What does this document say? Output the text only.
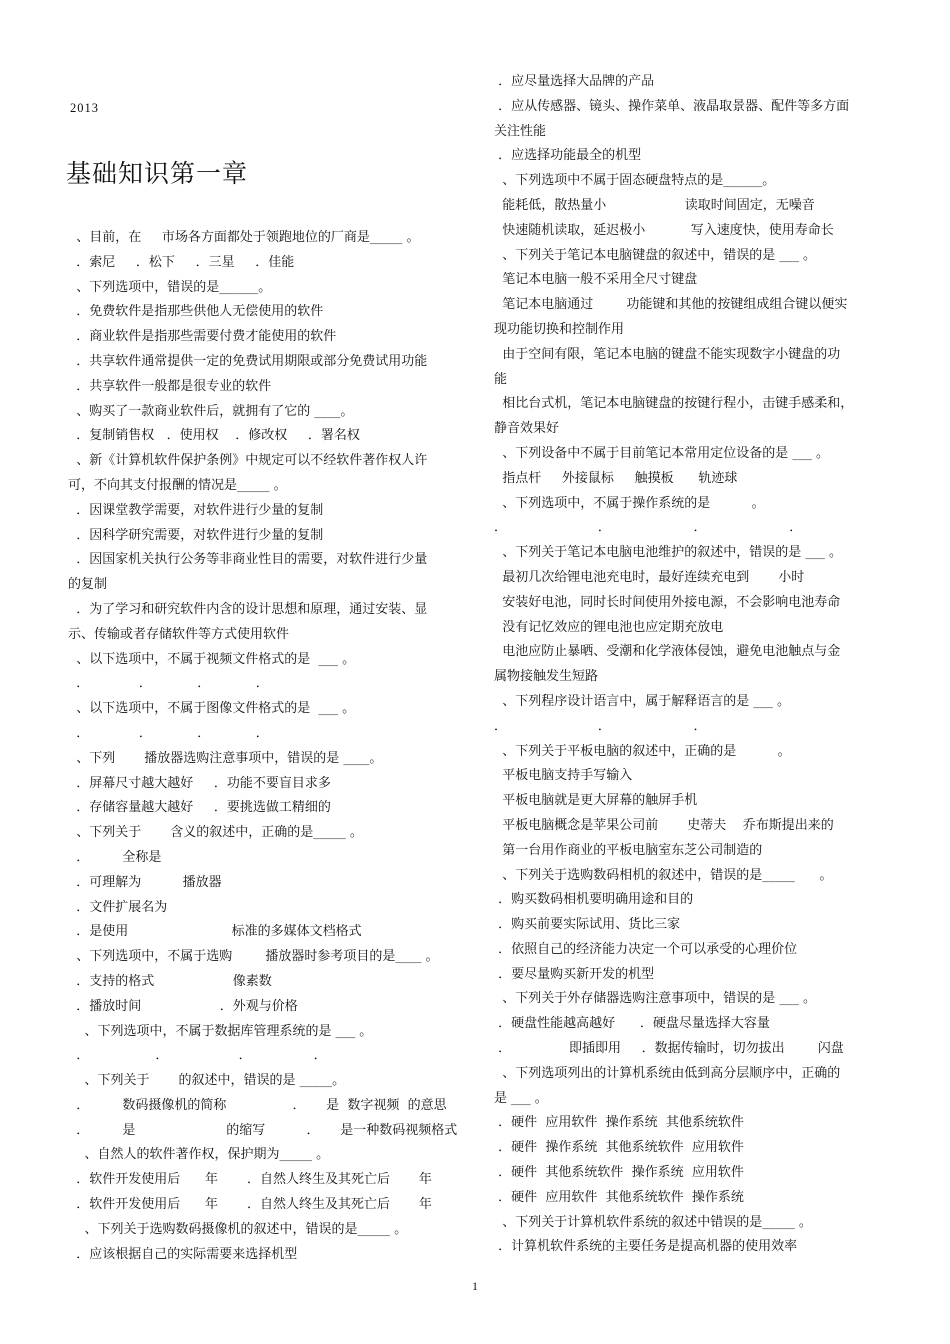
2013                  
基础知识第一章
、目前，在     市场各方面都处于领跑地位的厂商是_____ 。
．索尼     ．松下     ．三星     ．佳能
、下列选项中，错误的是______。
．免费软件是指那些供他人无偿使用的软件
．商业软件是指那些需要付费才能使用的软件
．共享软件通常提供一定的免费试用期限或部分免费试用功能
．共享软件一般都是很专业的软件
、购买了一款商业软件后，就拥有了它的 ____。
．复制销售权   ．使用权    ．修改权     ．署名权
、新《计算机软件保护条例》中规定可以不经软件著作权人许
可，不向其支付报酬的情况是_____ 。
．因课堂教学需要，对软件进行少量的复制
．因科学研究需要，对软件进行少量的复制
．因国家机关执行公务等非商业性目的需要，对软件进行少量
的复制
．为了学习和研究软件内含的设计思想和原理，通过安装、显
示、传输或者存储软件等方式使用软件
、以下选项中，不属于视频文件格式的是  ___ 。
．            ．           ．           ．
、以下选项中，不属于图像文件格式的是  ___ 。
．            ．           ．           ．
、下列       播放器选购注意事项中，错误的是 ____。
．屏幕尺寸越大越好     ．功能不要盲目求多
．存储容量越大越好     ．要挑选做工精细的
、下列关于       含义的叙述中，正确的是_____ 。
．        全称是
．可理解为          播放器
．文件扩展名为
．是使用                         标准的多媒体文档格式
、下列选项中，不属于选购        播放器时参考项目的是____ 。
．支持的格式                   像素数
．播放时间                   ．外观与价格
、下列选项中，不属于数据库管理系统的是 ___ 。
．                ．                 ．               ．
、下列关于       的叙述中，错误的是 _____。
．        数码摄像机的简称                ．     是  数字视频  的意思
．        是                      的缩写          ．     是一种数码视频格式
、自然人的软件著作权，保护期为_____ 。
．软件开发使用后      年       ．自然人终生及其死亡后       年
．软件开发使用后      年       ．自然人终生及其死亡后       年
、下列关于选购数码摄像机的叙述中，错误的是_____ 。
．应该根据自己的实际需要来选择机型
．应尽量选择大品牌的产品
．应从传感器、镜头、操作菜单、液晶取景器、配件等多方面
关注性能
．应选择功能最全的机型
、下列选项中不属于固态硬盘特点的是______。
能耗低，散热量小                   读取时间固定，无噪音
快速随机读取，延迟极小           写入速度快，使用寿命长
、下列关于笔记本电脑键盘的叙述中，错误的是 ___ 。
笔记本电脑一般不采用全尺寸键盘
笔记本电脑通过        功能键和其他的按键组成组合键以便实
现功能切换和控制作用
由于空间有限，笔记本电脑的键盘不能实现数字小键盘的功
能
相比台式机，笔记本电脑键盘的按键行程小，击键手感柔和，
静音效果好
、下列设备中不属于目前笔记本常用定位设备的是 ___ 。
指点杆     外接鼠标     触摸板      轨迹球
、下列选项中，不属于操作系统的是          。
．                      ．                    ．                    ．
、下列关于笔记本电脑电池维护的叙述中，错误的是 ___ 。
最初几次给锂电池充电时，最好连续充电到       小时
安装好电池，同时长时间使用外接电源，不会影响电池寿命
没有记忆效应的锂电池也应定期充放电
电池应防止暴晒、受潮和化学液体侵蚀，避免电池触点与金
属物接触发生短路
、下列程序设计语言中，属于解释语言的是 ___ 。
．                      ．                    ．
、下列关于平板电脑的叙述中，正确的是          。
平板电脑支持手写输入
平板电脑就是更大屏幕的触屏手机
平板电脑概念是苹果公司前       史蒂夫    乔布斯提出来的
第一台用作商业的平板电脑室东芝公司制造的
、下列关于选购数码相机的叙述中，错误的是_____      。
．购买数码相机要明确用途和目的
．购买前要实际试用、货比三家
．依照自己的经济能力决定一个可以承受的心理价位
．要尽量购买新开发的机型
、下列关于外存储器选购注意事项中，错误的是 ___ 。
．硬盘性能越高越好      ．硬盘尽量选择大容量
．              即插即用     ．数据传输时，切勿拔出        闪盘
、下列选项列出的计算机系统由低到高分层顺序中，正确的
是 ___ 。
．硬件  应用软件  操作系统  其他系统软件
．硬件  操作系统  其他系统软件  应用软件
．硬件  其他系统软件  操作系统  应用软件
．硬件  应用软件  其他系统软件  操作系统
、下列关于计算机软件系统的叙述中错误的是_____ 。
．计算机软件系统的主要任务是提高机器的使用效率
1
